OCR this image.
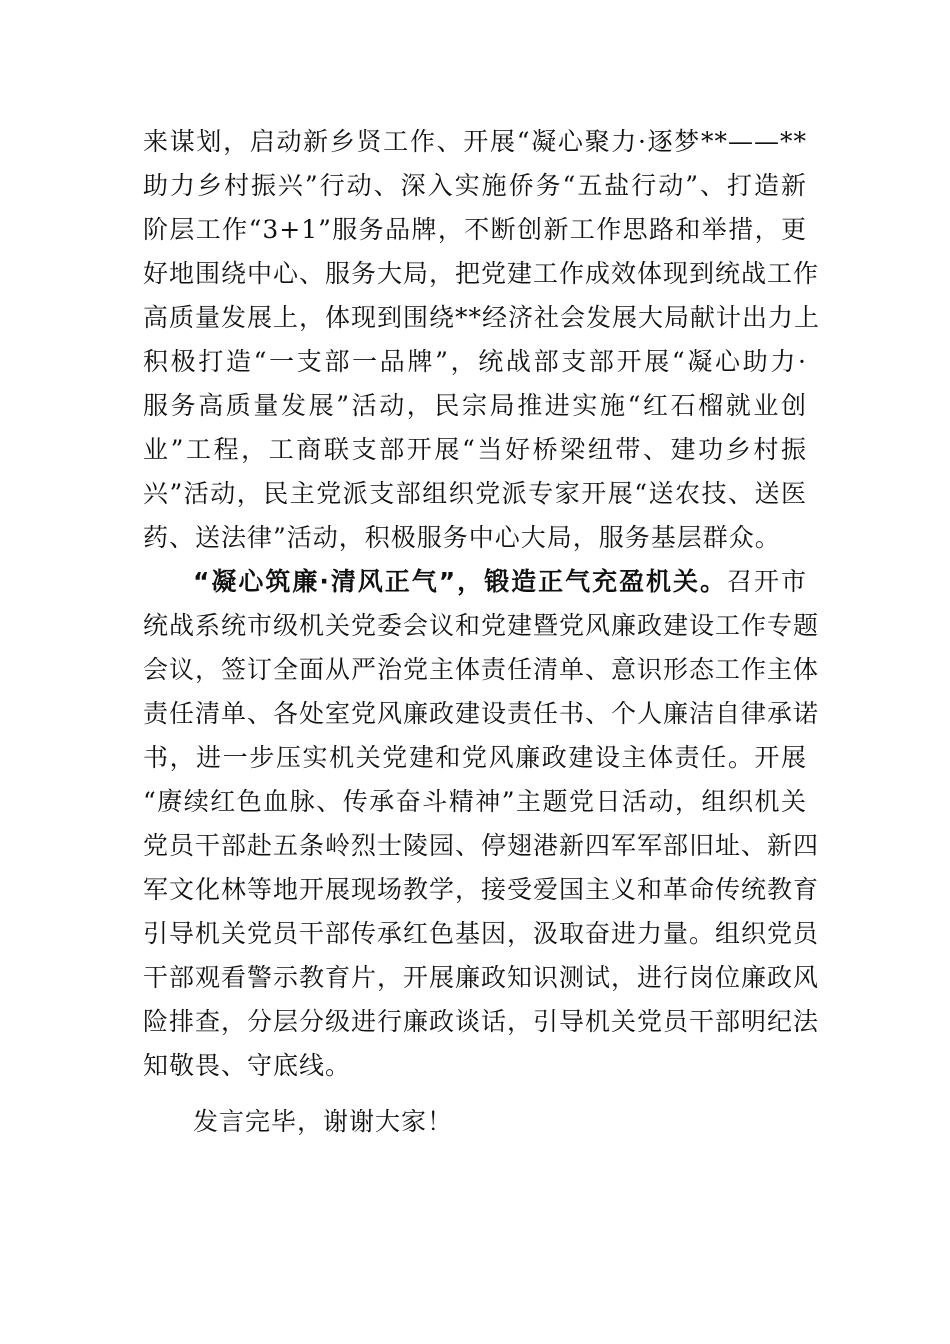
来谋划，启动新乡贤工作、开展“凝心聚力·逐梦**——**
助力乡村振兴”行动、深入实施侨务“五盐行动”、打造新
阶层工作“3+1”服务品牌，不断创新工作思路和举措，更
好地围绕中心、服务大局，把党建工作成效体现到统战工作
高质量发展上，体现到围绕**经济社会发展大局献计出力上
积极打造“一支部一品牌”，统战部支部开展“凝心助力·
服务高质量发展”活动，民宗局推进实施“红石榴就业创
业”工程，工商联支部开展“当好桥梁纽带、建功乡村振
兴”活动，民主党派支部组织党派专家开展“送农技、送医
药、送法律”活动，积极服务中心大局，服务基层群众。
“凝心筑廉·清风正气”，锻造正气充盈机关。召开市
统战系统市级机关党委会议和党建暨党风廉政建设工作专题
会议，签订全面从严治党主体责任清单、意识形态工作主体
责任清单、各处室党风廉政建设责任书、个人廉洁自律承诺
书，进一步压实机关党建和党风廉政建设主体责任。开展
“赓续红色血脉、传承奋斗精神”主题党日活动，组织机关
党员干部赴五条岭烈士陵园、停翅港新四军军部旧址、新四
军文化林等地开展现场教学，接受爱国主义和革命传统教育
引导机关党员干部传承红色基因，汲取奋进力量。组织党员
干部观看警示教育片，开展廉政知识测试，进行岗位廉政风
险排查，分层分级进行廉政谈话，引导机关党员干部明纪法
知敬畏、守底线。
发言完毕，谢谢大家！
